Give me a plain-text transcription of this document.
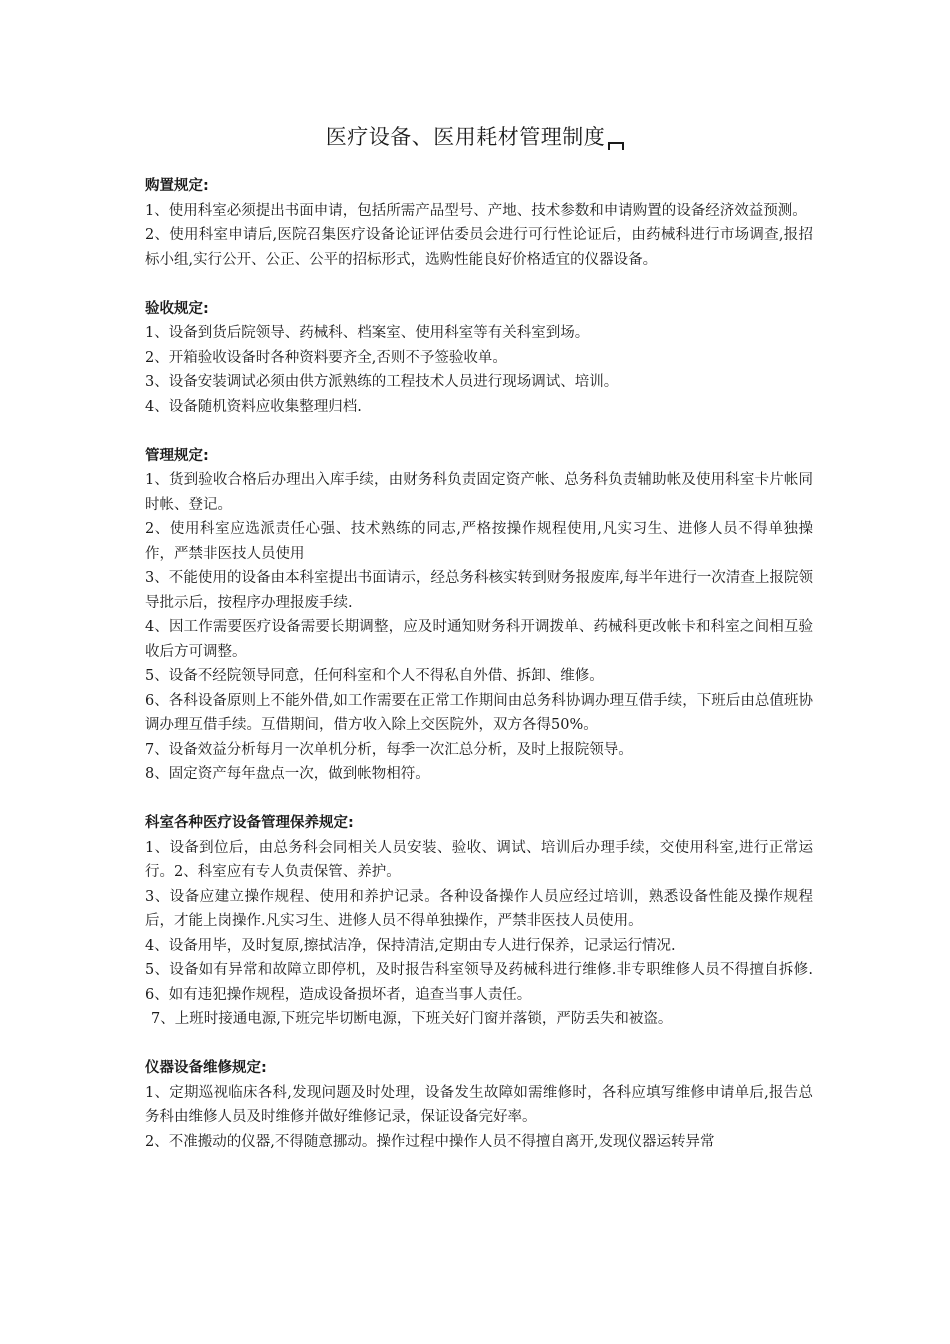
医疗设备、医用耗材管理制度
购置规定:
1、使用科室必须提出书面申请，包括所需产品型号、产地、技术参数和申请购置的设备经济效益预测。
2、使用科室申请后,医院召集医疗设备论证评估委员会进行可行性论证后，由药械科进行市场调查,报招标小组,实行公开、公正、公平的招标形式，选购性能良好价格适宜的仪器设备。
验收规定:
1、设备到货后院领导、药械科、档案室、使用科室等有关科室到场。
2、开箱验收设备时各种资料要齐全,否则不予签验收单。
3、设备安装调试必须由供方派熟练的工程技术人员进行现场调试、培训。
4、设备随机资料应收集整理归档.
管理规定:
1、货到验收合格后办理出入库手续，由财务科负责固定资产帐、总务科负责辅助帐及使用科室卡片帐同时帐、登记。
2、使用科室应选派责任心强、技术熟练的同志,严格按操作规程使用,凡实习生、进修人员不得单独操作，严禁非医技人员使用
3、不能使用的设备由本科室提出书面请示，经总务科核实转到财务报废库,每半年进行一次清查上报院领导批示后，按程序办理报废手续.
4、因工作需要医疗设备需要长期调整，应及时通知财务科开调拨单、药械科更改帐卡和科室之间相互验收后方可调整。
5、设备不经院领导同意，任何科室和个人不得私自外借、拆卸、维修。
6、各科设备原则上不能外借,如工作需要在正常工作期间由总务科协调办理互借手续，下班后由总值班协调办理互借手续。互借期间，借方收入除上交医院外，双方各得50%。
7、设备效益分析每月一次单机分析，每季一次汇总分析，及时上报院领导。
8、固定资产每年盘点一次，做到帐物相符。
科室各种医疗设备管理保养规定:
1、设备到位后，由总务科会同相关人员安装、验收、调试、培训后办理手续，交使用科室,进行正常运行。2、科室应有专人负责保管、养护。
3、设备应建立操作规程、使用和养护记录。各种设备操作人员应经过培训，熟悉设备性能及操作规程后，才能上岗操作.凡实习生、进修人员不得单独操作，严禁非医技人员使用。
4、设备用毕，及时复原,擦拭洁净，保持清洁,定期由专人进行保养，记录运行情况.
5、设备如有异常和故障立即停机，及时报告科室领导及药械科进行维修.非专职维修人员不得擅自拆修.6、如有违犯操作规程，造成设备损坏者，追查当事人责任。
7、上班时接通电源,下班完毕切断电源，下班关好门窗并落锁，严防丢失和被盗。
仪器设备维修规定:
1、定期巡视临床各科,发现问题及时处理，设备发生故障如需维修时，各科应填写维修申请单后,报告总务科由维修人员及时维修并做好维修记录，保证设备完好率。
2、不准搬动的仪器,不得随意挪动。操作过程中操作人员不得擅自离开,发现仪器运转异常
